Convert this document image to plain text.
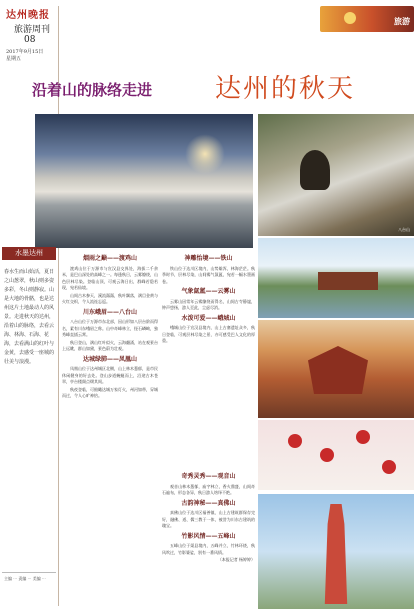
达州晚报
旅游周刊
08
2017年9月15日
星期五
旅游
沿着山的脉络走进 达州的秋天
八台山
水墨达州
春水生而山始活，夏日之山葱翠，秋山则多姿多彩，冬山则静寂。山是大地的骨骼，也是达州这片土地最动人的风景。走进秋天的达州，沿着山的脉络，去看云海、林海、石海、花海，去看满山的红叶与金黄，去感受一座城的壮美与浪漫。
主编 ··· 责编 ··· 美编 ···
烟雨之巅——渡鸡山

渡鸡山位于万源市与宣汉县交界处，海拔二千余米，是巴山深处的高峰之一。每逢秋日，云雾缭绕，山色层林尽染。登临山顶，可观云海日出，群峰若隐若现，宛若仙境。

山间古木参天，溪流潺潺，秋叶飘落，满目金黄与火红交织，令人流连忘返。

川东峨眉——八台山

八台山位于万源市东北部，因山形如八层台阶而得名，素有川东峨眉之称。山中奇峰林立，怪石嶙峋，独秀峰直插云霄。

秋日登山，满山红叶似火，云海翻涌，站在观景台上远眺，群山如黛，景色蔚为壮观。

达城绿肺——凤凰山

凤凰山位于达州城区北侧，山上林木葱郁，是市民休闲健身的好去处。登山步道蜿蜒而上，沿途古木苍翠，亭台楼阁点缀其间。

秋夜登临，可俯瞰达城万家灯火，州河如带，穿城而过，令人心旷神怡。

神雕怡境——铁山

铁山位于达川区境内，山势雄浑，林海茫茫。秋季时节，层林尽染，山间雾气氤氲，宛若一幅水墨画卷。

气象氤氲——云雾山

云雾山因常年云雾缭绕而得名，山间古寺静谧，钟声悠扬，游人至此，尘虑尽消。

水泼可爱——峨城山

峨城山位于宣汉县境内，山上古寨遗址众多，秋日登临，可观层林尽染之景，亦可感受巴人文化的厚重。

奇秀灵秀——观音山

观音山林木葱郁，庙宇林立，香火鼎盛，山间奇石遍布，形态各异，秋日游人络绎不绝。

古韵神秘——真佛山

真佛山位于达川区福善镇，山上古建筑群保存完好，融佛、道、儒三教于一体，被誉为川东古建筑的瑰宝。

竹影风情——五峰山

五峰山位于渠县境内，五峰并立，竹林环绕，秋风吹过，竹影婆娑，别有一番风情。

（本报记者 杨婷婷）
